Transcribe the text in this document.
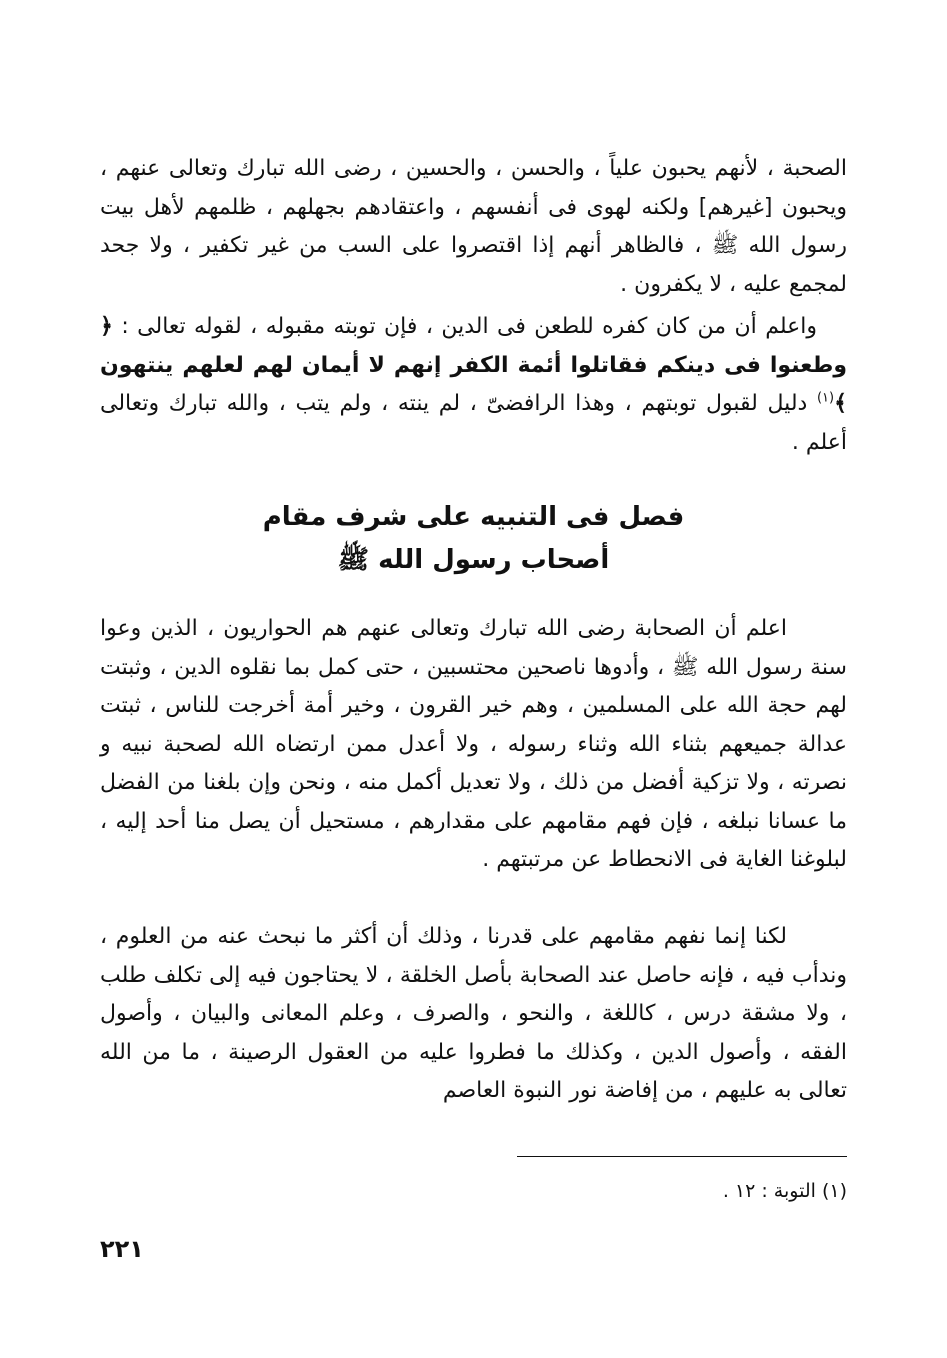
الصحبة ، لأنهم يحبون علياً ، والحسن ، والحسين ، رضى الله تبارك وتعالى عنهم ، ويحبون [غيرهم] ولكنه لهوى فى أنفسهم ، واعتقادهم بجهلهم ، ظلمهم لأهل بيت رسول الله ﷺ ، فالظاهر أنهم إذا اقتصروا على السب من غير تكفير ، ولا جحد لمجمع عليه ، لا يكفرون .

واعلم أن من كان كفره للطعن فى الدين ، فإن توبته مقبوله ، لقوله تعالى : ﴿ وطعنوا فى دينكم فقاتلوا أئمة الكفر إنهم لا أيمان لهم لعلهم ينتهون ﴾$^{(١)}$ دليل لقبول توبتهم ، وهذا الرافضىّ ، لم ينته ، ولم يتب ، والله تبارك وتعالى أعلم .

فصل فى التنبيه على شرف مقام
أصحاب رسول الله ﷺ

اعلم أن الصحابة رضى الله تبارك وتعالى عنهم هم الحواريون ، الذين وعوا سنة رسول الله ﷺ ، وأدوها ناصحين محتسبين ، حتى كمل بما نقلوه الدين ، وثبتت لهم حجة الله على المسلمين ، وهم خير القرون ، وخير أمة أخرجت للناس ، ثبتت عدالة جميعهم بثناء الله وثناء رسوله ، ولا أعدل ممن ارتضاه الله لصحبة نبيه و نصرته ، ولا تزكية أفضل من ذلك ، ولا تعديل أكمل منه ، ونحن وإن بلغنا من الفضل ما عسانا نبلغه ، فإن فهم مقامهم على مقدارهم ، مستحيل أن يصل منا أحد إليه ، لبلوغنا الغاية فى الانحطاط عن مرتبتهم .

لكنا إنما نفهم مقامهم على قدرنا ، وذلك أن أكثر ما نبحث عنه من العلوم ، وندأب فيه ، فإنه حاصل عند الصحابة بأصل الخلقة ، لا يحتاجون فيه إلى تكلف طلب ، ولا مشقة درس ، كاللغة ، والنحو ، والصرف ، وعلم المعانى والبيان ، وأصول الفقه ، وأصول الدين ، وكذلك ما فطروا عليه من العقول الرصينة ، ما من الله تعالى به عليهم ، من إفاضة نور النبوة العاصم

(١) التوبة : ١٢ .

٢٢١
